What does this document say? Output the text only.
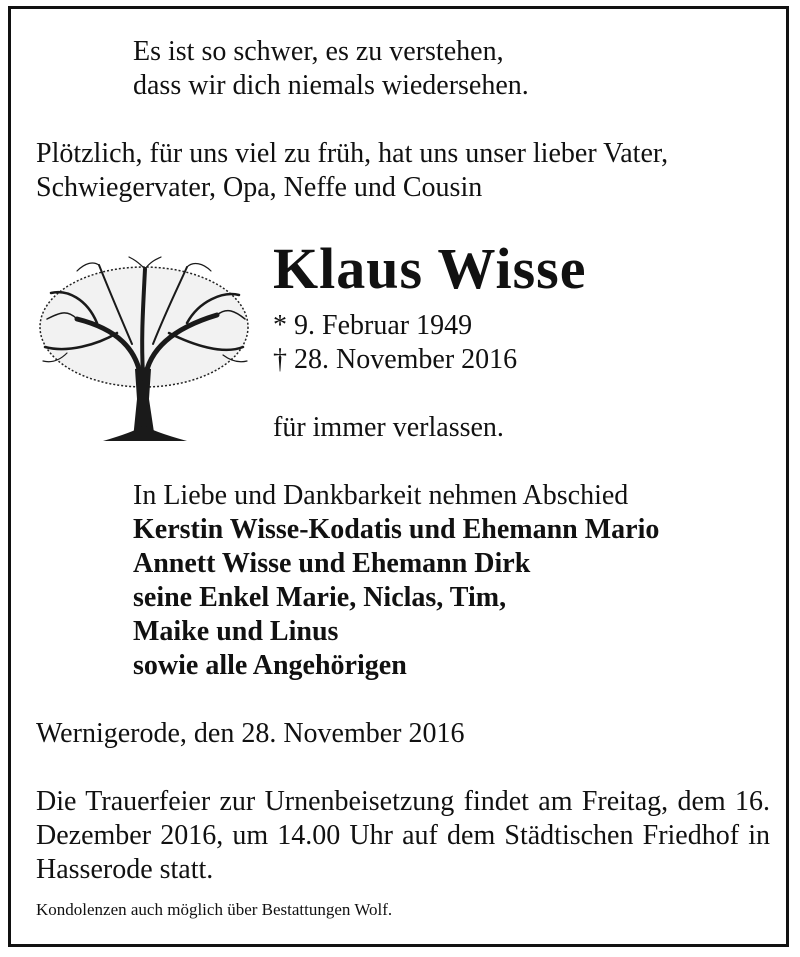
Es ist so schwer, es zu verstehen,
dass wir dich niemals wiedersehen.
Plötzlich, für uns viel zu früh, hat uns unser lieber Vater,
Schwiegervater, Opa, Neffe und Cousin
Klaus Wisse
* 9. Februar 1949
† 28. November 2016
für immer verlassen.
In Liebe und Dankbarkeit nehmen Abschied
Kerstin Wisse-Kodatis und Ehemann Mario
Annett Wisse und Ehemann Dirk
seine Enkel Marie, Niclas, Tim,
Maike und Linus
sowie alle Angehörigen
Wernigerode, den 28. November 2016
Die Trauerfeier zur Urnenbeisetzung findet am Freitag, dem 16. Dezember 2016, um 14.00 Uhr auf dem Städtischen Friedhof in Hasserode statt.
Kondolenzen auch möglich über Bestattungen Wolf.
